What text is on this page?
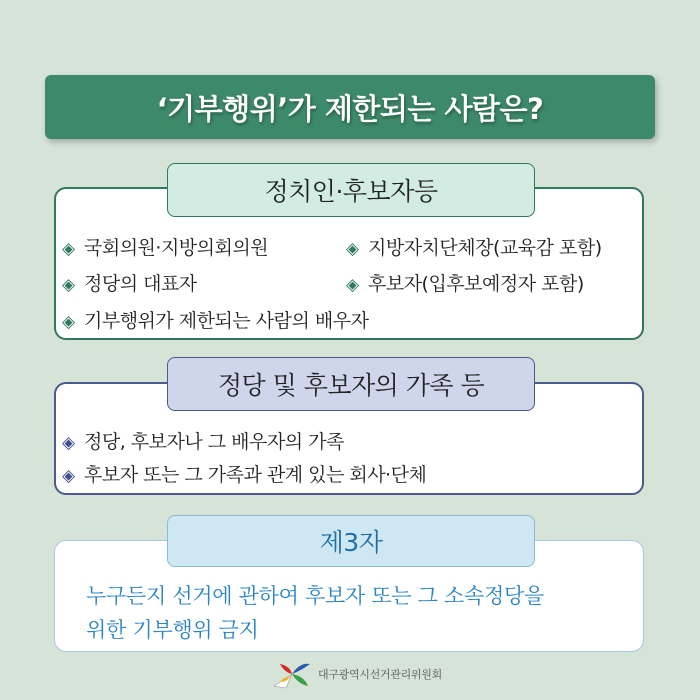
‘기부행위’가 제한되는 사람은?
정치인·후보자등
◈ 국회의원·지방의회의원	◈ 지방자치단체장(교육감 포함)
◈ 정당의 대표자	◈ 후보자(입후보예정자 포함)
◈ 기부행위가 제한되는 사람의 배우자
정당 및 후보자의 가족 등
◈ 정당, 후보자나 그 배우자의 가족
◈ 후보자 또는 그 가족과 관계 있는 회사·단체
제3자
누구든지 선거에 관하여 후보자 또는 그 소속정당을
위한 기부행위 금지
대구광역시선거관리위원회
